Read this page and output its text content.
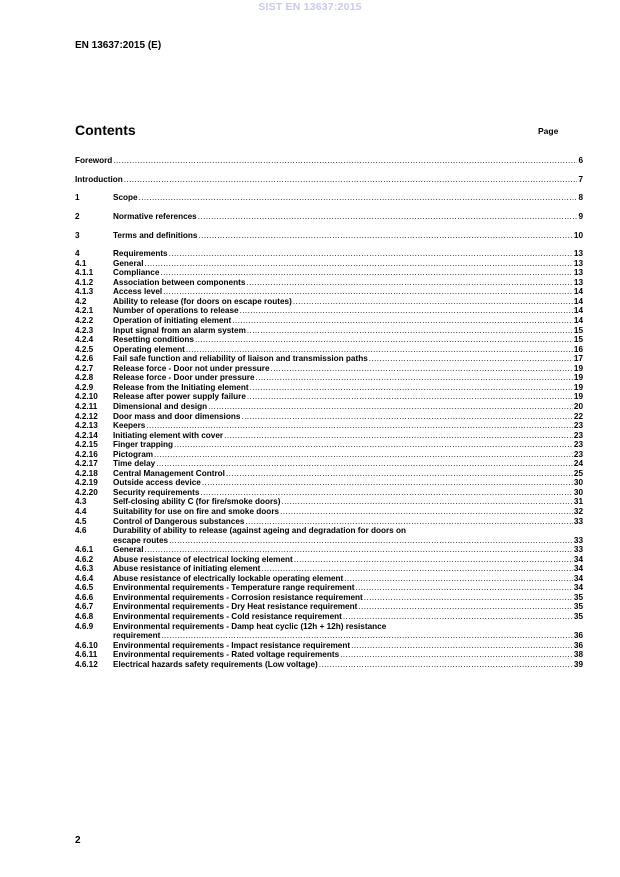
SIST EN 13637:2015
EN 13637:2015 (E)
Contents	Page
Foreword .....	6
Introduction .....	7
1	Scope .....	8
2	Normative references .....	9
3	Terms and definitions .....	10
4	Requirements .....	13
4.1	General .....	13
4.1.1 Compliance .....	13
4.1.2 Association between components .....	13
4.1.3 Access level .....	14
4.2	Ability to release (for doors on escape routes) .....	14
4.2.1 Number of operations to release .....	14
4.2.2 Operation of initiating element .....	14
4.2.3 Input signal from an alarm system .....	15
4.2.4 Resetting conditions .....	15
4.2.5 Operating element .....	16
4.2.6 Fail safe function and reliability of liaison and transmission paths .....	17
4.2.7 Release force - Door not under pressure .....	19
4.2.8 Release force - Door under pressure .....	19
4.2.9 Release from the Initiating element .....	19
4.2.10 Release after power supply failure .....	19
4.2.11 Dimensional and design .....	20
4.2.12 Door mass and door dimensions .....	22
4.2.13 Keepers .....	23
4.2.14 Initiating element with cover .....	23
4.2.15 Finger trapping .....	23
4.2.16 Pictogram .....	23
4.2.17 Time delay .....	24
4.2.18 Central Management Control .....	25
4.2.19 Outside access device .....	30
4.2.20 Security requirements .....	30
4.3	Self-closing ability C (for fire/smoke doors) .....	31
4.4	Suitability for use on fire and smoke doors .....	32
4.5	Control of Dangerous substances .....	33
4.6	Durability of ability to release (against ageing and degradation for doors on
escape routes .....	33
4.6.1 General .....	33
4.6.2 Abuse resistance of electrical locking element .....	34
4.6.3 Abuse resistance of initiating element .....	34
4.6.4 Abuse resistance of electrically lockable operating element .....	34
4.6.5 Environmental requirements - Temperature range requirement .....	34
4.6.6 Environmental requirements - Corrosion resistance requirement .....	35
4.6.7 Environmental requirements - Dry Heat resistance requirement .....	35
4.6.8 Environmental requirements - Cold resistance requirement .....	35
4.6.9	Environmental requirements - Damp heat cyclic (12h + 12h) resistance
requirement .....	36
4.6.10 Environmental requirements - Impact resistance requirement .....	36
4.6.11 Environmental requirements - Rated voltage requirements .....	38
4.6.12 Electrical hazards safety requirements (Low voltage) .....	39
2
